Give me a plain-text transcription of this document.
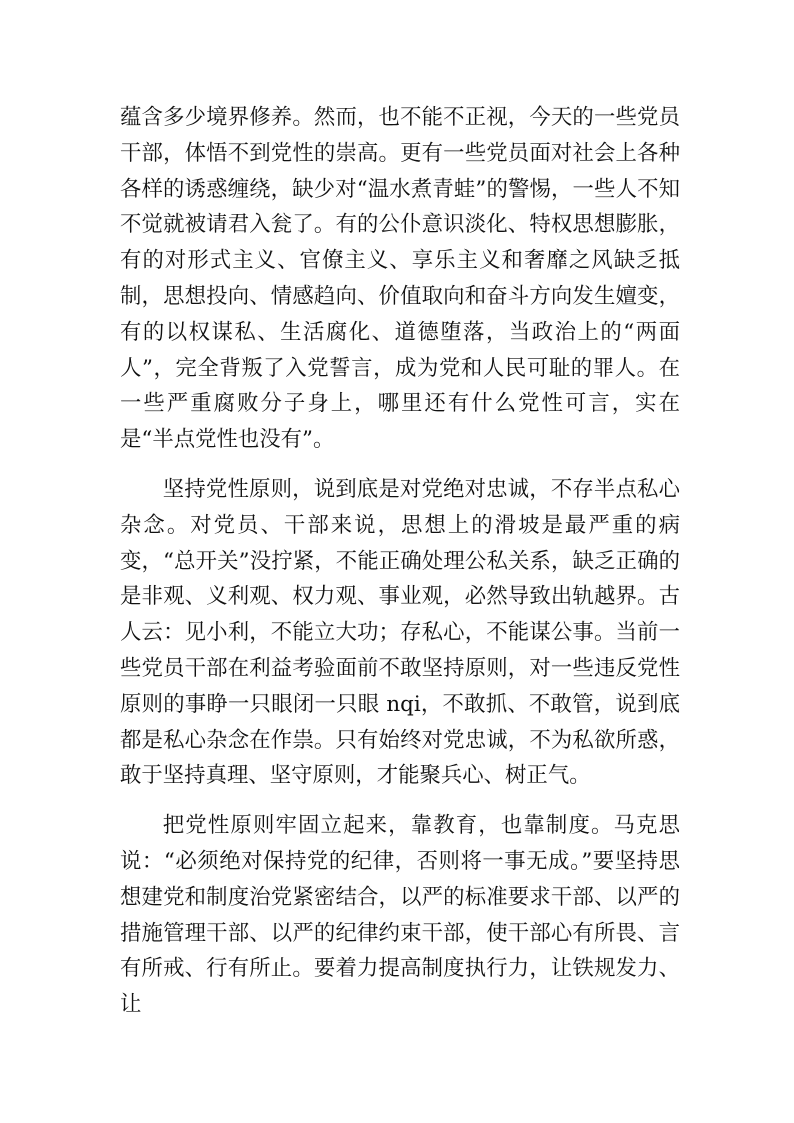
蕴含多少境界修养。然而，也不能不正视，今天的一些党员干部，体悟不到党性的崇高。更有一些党员面对社会上各种各样的诱惑缠绕，缺少对“温水煮青蛙”的警惕，一些人不知不觉就被请君入瓮了。有的公仆意识淡化、特权思想膨胀，有的对形式主义、官僚主义、享乐主义和奢靡之风缺乏抵制，思想投向、情感趋向、价值取向和奋斗方向发生嬗变，有的以权谋私、生活腐化、道德堕落，当政治上的“两面人”，完全背叛了入党誓言，成为党和人民可耻的罪人。在一些严重腐败分子身上，哪里还有什么党性可言，实在是“半点党性也没有”。

坚持党性原则，说到底是对党绝对忠诚，不存半点私心杂念。对党员、干部来说，思想上的滑坡是最严重的病变，“总开关”没拧紧，不能正确处理公私关系，缺乏正确的是非观、义利观、权力观、事业观，必然导致出轨越界。古人云：见小利，不能立大功；存私心，不能谋公事。当前一些党员干部在利益考验面前不敢坚持原则，对一些违反党性原则的事睁一只眼闭一只眼 nqi，不敢抓、不敢管，说到底都是私心杂念在作祟。只有始终对党忠诚，不为私欲所惑，敢于坚持真理、坚守原则，才能聚兵心、树正气。

把党性原则牢固立起来，靠教育，也靠制度。马克思说：“必须绝对保持党的纪律，否则将一事无成。”要坚持思想建党和制度治党紧密结合，以严的标准要求干部、以严的措施管理干部、以严的纪律约束干部，使干部心有所畏、言有所戒、行有所止。要着力提高制度执行力，让铁规发力、让
